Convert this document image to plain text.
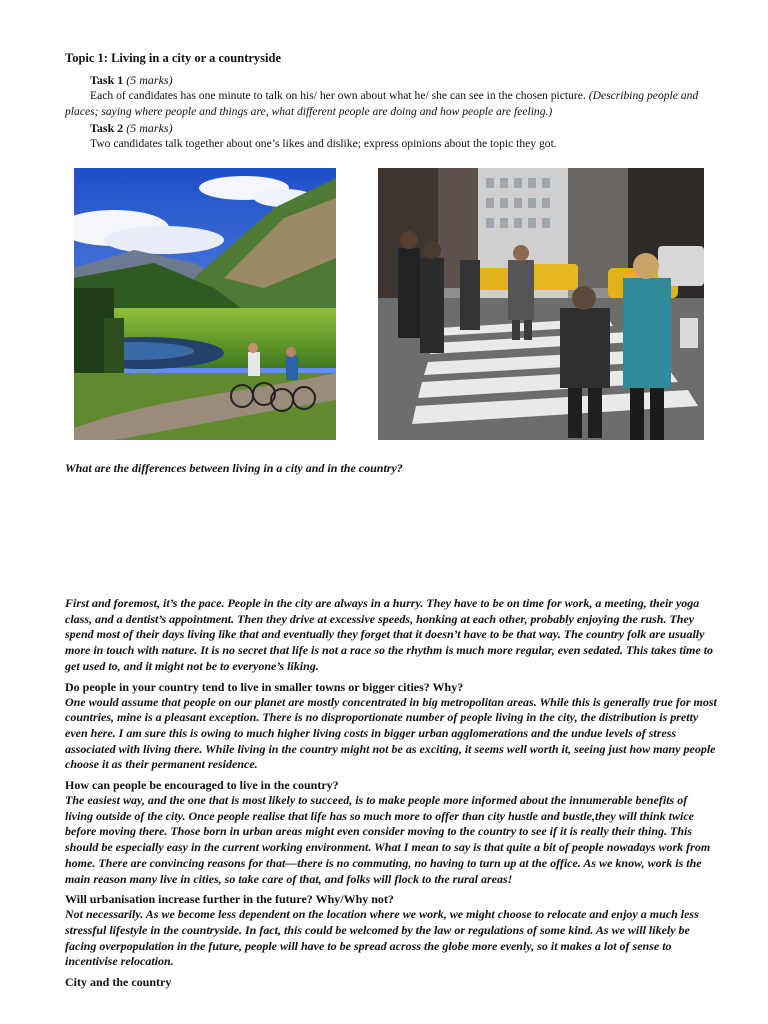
Topic 1: Living in a city or a countryside

Task 1 (5 marks)

Each of candidates has one minute to talk on his/ her own about what he/ she can see in the chosen picture. (Describing people and places; saying where people and things are, what different people are doing and how people are feeling.)

Task 2 (5 marks)

Two candidates talk together about one’s likes and dislike; express opinions about the topic they got.

What are the differences between living in a city and in the country?

First and foremost, it’s the pace. People in the city are always in a hurry. They have to be on time for work, a meeting, their yoga class, and a dentist’s appointment. Then they drive at excessive speeds, honking at each other, probably enjoying the rush. They spend most of their days living like that and eventually they forget that it doesn’t have to be that way. The country folk are usually more in touch with nature. It is no secret that life is not a race so the rhythm is much more regular, even sedated. This takes time to get used to, and it might not be to everyone’s liking.

Do people in your country tend to live in smaller towns or bigger cities? Why?

One would assume that people on our planet are mostly concentrated in big metropolitan areas. While this is generally true for most countries, mine is a pleasant exception. There is no disproportionate number of people living in the city, the distribution is pretty even here. I am sure this is owing to much higher living costs in bigger urban agglomerations and the undue levels of stress associated with living there. While living in the country might not be as exciting, it seems well worth it, seeing just how many people choose it as their permanent residence.

How can people be encouraged to live in the country?

The easiest way, and the one that is most likely to succeed, is to make people more informed about the innumerable benefits of living outside of the city. Once people realise that life has so much more to offer than city hustle and bustle,they will think twice before moving there. Those born in urban areas might even consider moving to the country to see if it is really their thing. This should be especially easy in the current working environment. What I mean to say is that quite a bit of people nowadays work from home. There are convincing reasons for that—there is no commuting, no having to turn up at the office. As we know, work is the main reason many live in cities, so take care of that, and folks will flock to the rural areas!

Will urbanisation increase further in the future? Why/Why not?

Not necessarily. As we become less dependent on the location where we work, we might choose to relocate and enjoy a much less stressful lifestyle in the countryside. In fact, this could be welcomed by the law or regulations of some kind. As we will likely be facing overpopulation in the future, people will have to be spread across the globe more evenly, so it makes a lot of sense to incentivise relocation.

City and the country
